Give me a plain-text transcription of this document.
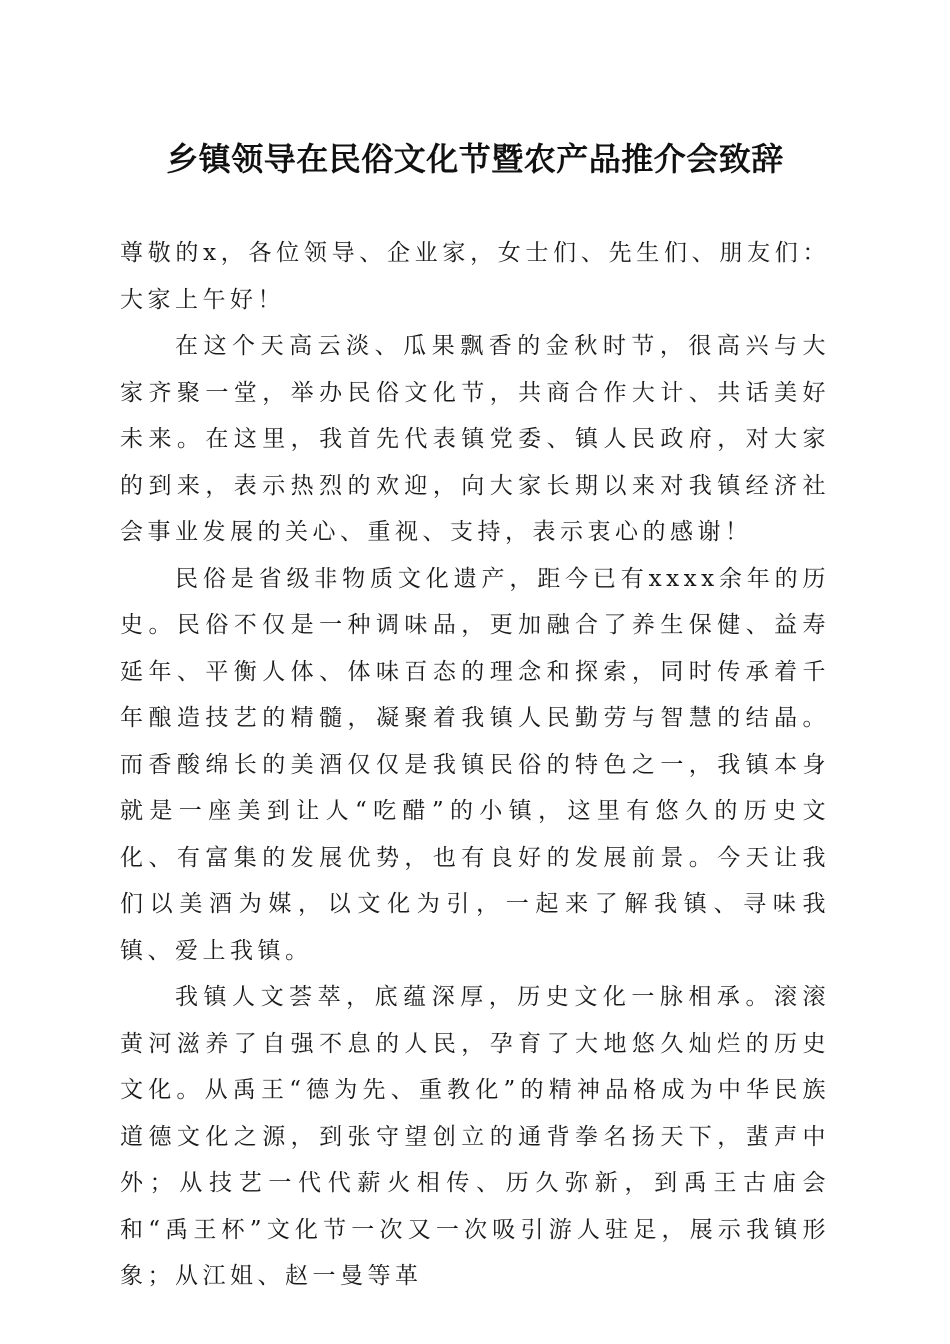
乡镇领导在民俗文化节暨农产品推介会致辞

尊敬的x，各位领导、企业家，女士们、先生们、朋友们：大家上午好！

在这个天高云淡、瓜果飘香的金秋时节，很高兴与大家齐聚一堂，举办民俗文化节，共商合作大计、共话美好未来。在这里，我首先代表镇党委、镇人民政府，对大家的到来，表示热烈的欢迎，向大家长期以来对我镇经济社会事业发展的关心、重视、支持，表示衷心的感谢！

民俗是省级非物质文化遗产，距今已有xxxx余年的历史。民俗不仅是一种调味品，更加融合了养生保健、益寿延年、平衡人体、体味百态的理念和探索，同时传承着千年酿造技艺的精髓，凝聚着我镇人民勤劳与智慧的结晶。而香酸绵长的美酒仅仅是我镇民俗的特色之一，我镇本身就是一座美到让人“吃醋”的小镇，这里有悠久的历史文化、有富集的发展优势，也有良好的发展前景。今天让我们以美酒为媒，以文化为引，一起来了解我镇、寻味我镇、爱上我镇。

我镇人文荟萃，底蕴深厚，历史文化一脉相承。滚滚黄河滋养了自强不息的人民，孕育了大地悠久灿烂的历史文化。从禹王“德为先、重教化”的精神品格成为中华民族道德文化之源，到张守望创立的通背拳名扬天下，蜚声中外；从技艺一代代薪火相传、历久弥新，到禹王古庙会和“禹王杯”文化节一次又一次吸引游人驻足，展示我镇形象；从江姐、赵一曼等革
